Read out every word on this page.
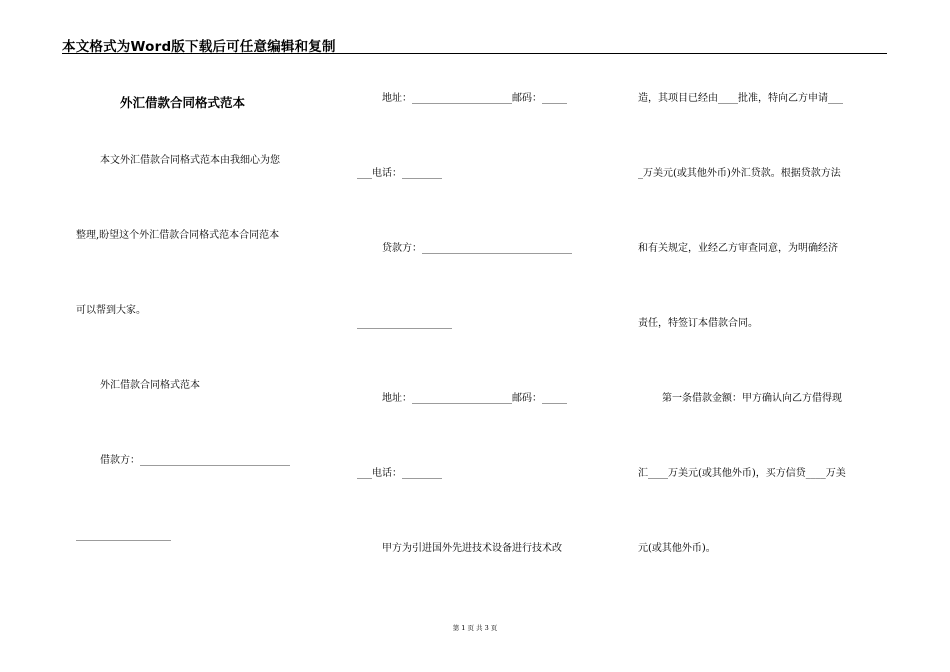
本文格式为Word版下载后可任意编辑和复制
外汇借款合同格式范本
本文外汇借款合同格式范本由我细心为您
整理,盼望这个外汇借款合同格式范本合同范本
可以帮到大家。
外汇借款合同格式范本
借款方：______________________________
___________________
地址：____________________邮码：_____
___电话：________
贷款方：______________________________
___________________
地址：____________________邮码：_____
___电话：________
甲方为引进国外先进技术设备进行技术改
造，其项目已经由____批准，特向乙方申请___
_万美元(或其他外币)外汇贷款。根据贷款方法
和有关规定，业经乙方审查同意，为明确经济
责任，特签订本借款合同。
第一条借款金额：甲方确认向乙方借得现
汇____万美元(或其他外币)，买方信贷____万美
元(或其他外币)。
第 1 页 共 3 页
